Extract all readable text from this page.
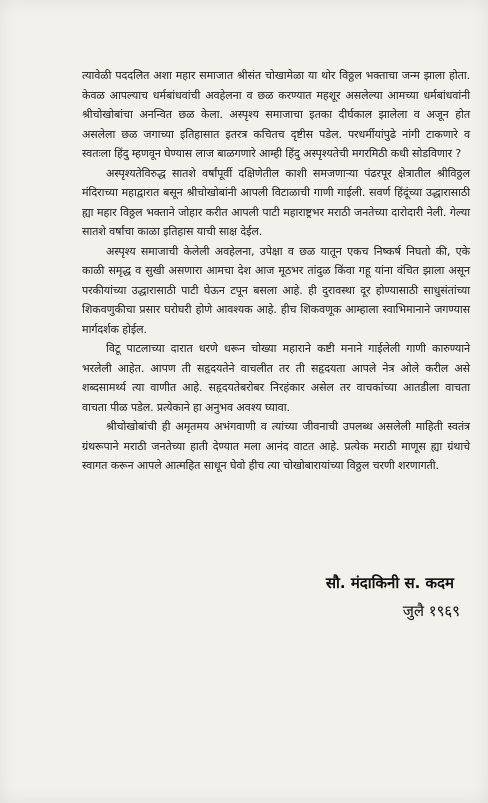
त्यावेळी पददलित अशा महार समाजात श्रीसंत चोखामेळा या थोर विठ्ठल भक्ताचा जन्म झाला होता. केवळ आपल्याच धर्मबांधवांची अवहेलना व छळ करण्यात महशूर असलेल्या आमच्या धर्मबांधवांनी श्रीचोखोबांचा अनन्वित छळ केला. अस्पृश्य समाजाचा इतका दीर्घकाल झालेला व अजून होत असलेला छळ जगाच्या इतिहासात इतरत्र कचितच दृष्टीस पडेल. परधर्मीयांपुढे नांगी टाकणारे व स्वतःला हिंदु म्हणवून घेण्यास लाज बाळगणारे आम्ही हिंदु अस्पृश्यतेची मगरमिठी कधी सोडविणार ?

अस्पृश्यतेविरुद्ध सातशे वर्षांपूर्वी दक्षिणेतील काशी समजणाऱ्या पंढरपूर क्षेत्रातील श्रीविठ्ठल मंदिराच्या महाद्वारात बसून श्रीचोखोबांनी आपली विटाळाची गाणी गाईली. सवर्ण हिंदूंच्या उद्धारासाठी ह्या महार विठ्ठल भक्ताने जोहार करीत आपली पाटी महाराष्ट्रभर मराठी जनतेच्या दारोदारी नेली. गेल्या सातशे वर्षांचा काळा इतिहास याची साक्ष देईल.

अस्पृश्य समाजाची केलेली अवहेलना, उपेक्षा व छळ यातून एकच निष्कर्ष निघतो की, एके काळी समृद्ध व सुखी असणारा आमचा देश आज मूठभर तांदुळ किंवा गहू यांना वंचित झाला असून परकीयांच्या उद्धारासाठी पाटी घेऊन टपून बसला आहे. ही दुरावस्था दूर होण्यासाठी साधुसंतांच्या शिकवणुकीचा प्रसार घरोघरी होणे आवश्यक आहे. हीच शिकवणूक आम्हाला स्वाभिमानाने जगण्यास मार्गदर्शक होईल.

विटू पाटलाच्या दारात धरणे धरून चोख्या महाराने कष्टी मनाने गाईलेली गाणी कारुण्याने भरलेली आहेत. आपण ती सहृदयतेने वाचलीत तर ती सहृदयता आपले नेत्र ओले करील असे शब्दसामर्थ्य त्या वाणीत आहे. सहृदयतेबरोबर निरहंकार असेल तर वाचकांच्या आतडीला वाचता वाचता पीळ पडेल. प्रत्येकाने हा अनुभव अवश्य घ्यावा.

श्रीचोखोबांची ही अमृतमय अभंगवाणी व त्यांच्या जीवनाची उपलब्ध असलेली माहिती स्वतंत्र ग्रंथरूपाने मराठी जनतेच्या हाती देण्यात मला आनंद वाटत आहे. प्रत्येक मराठी माणूस ह्या ग्रंथाचे स्वागत करून आपले आत्महित साधून घेवो हीच त्या चोखोबारायांच्या विठ्ठल चरणी शरणागती.

सौ. मंदाकिनी स. कदम
जुलै १९६९
